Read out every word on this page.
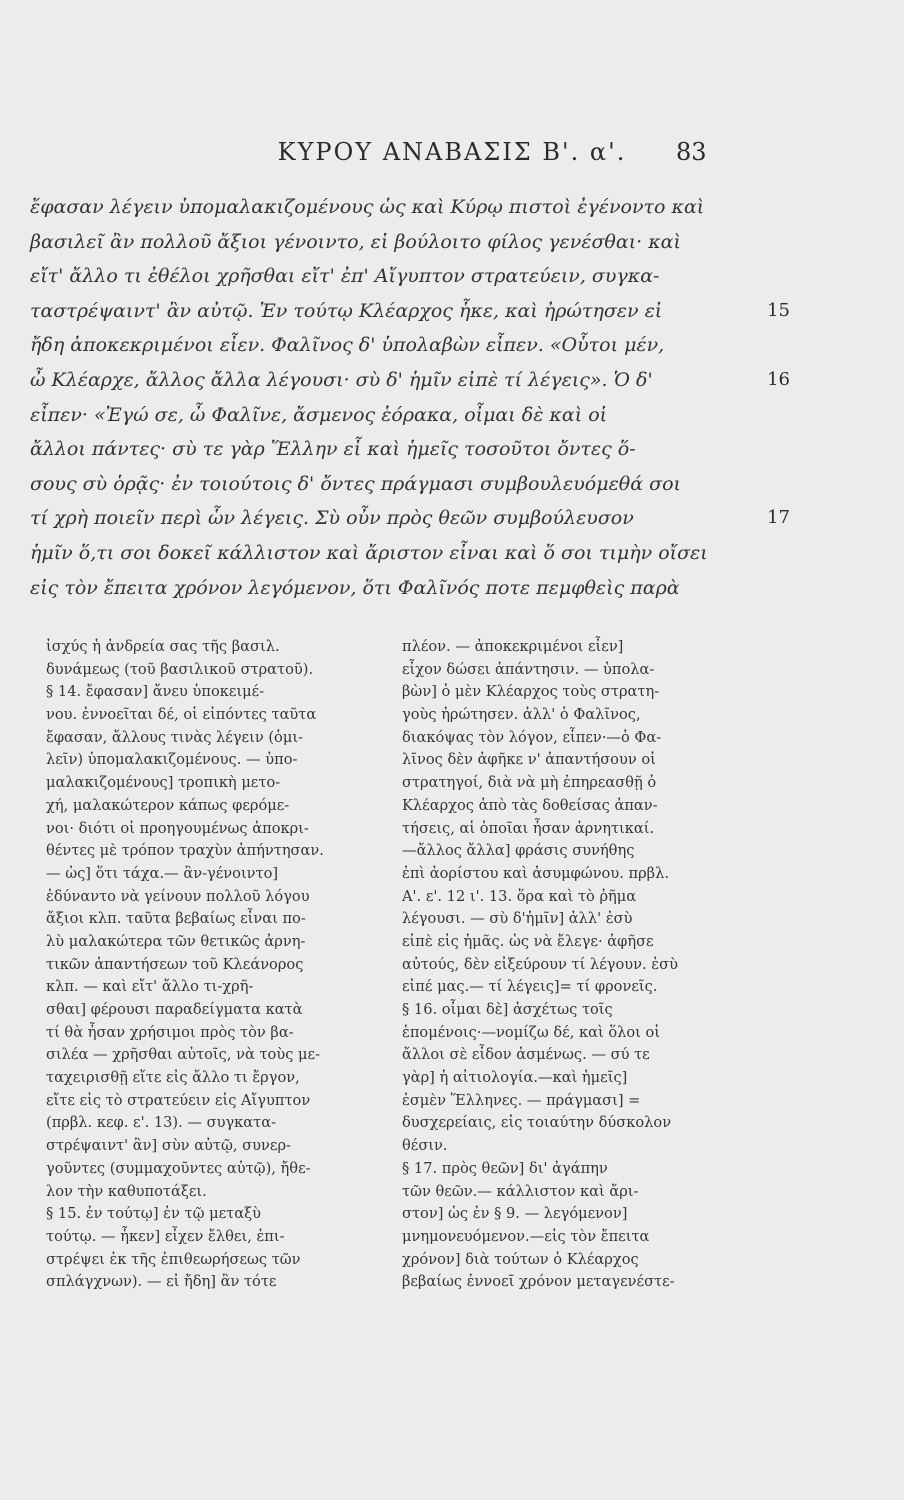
ΚΥΡΟΥ ΑΝΑΒΑΣΙΣ Β'. α'.	83
ἔφασαν λέγειν ὑπομαλακιζομένους ὡς καὶ Κύρῳ πιστοὶ ἐγένοντο καὶ
βασιλεῖ ἂν πολλοῦ ἄξιοι γένοιντο, εἰ βούλοιτο φίλος γενέσθαι· καὶ
εἴτ' ἄλλο τι ἐθέλοι χρῆσθαι εἴτ' ἐπ' Αἴγυπτον στρατεύειν, συγκα-
ταστρέψαιντ' ἂν αὐτῷ. Ἐν τούτῳ Κλέαρχος ἧκε, καὶ ἠρώτησεν εἰ
ἤδη ἀποκεκριμένοι εἶεν. Φαλῖνος δ' ὑπολαβὼν εἶπεν. «Οὗτοι μέν,
ὦ Κλέαρχε, ἄλλος ἄλλα λέγουσι· σὺ δ' ἡμῖν εἰπὲ τί λέγεις». Ὁ δ'
εἶπεν· «Ἐγώ σε, ὦ Φαλῖνε, ἄσμενος ἑόρακα, οἶμαι δὲ καὶ οἱ
ἄλλοι πάντες· σὺ τε γὰρ Ἕλλην εἶ καὶ ἡμεῖς τοσοῦτοι ὄντες ὅ-
σους σὺ ὁρᾷς· ἐν τοιούτοις δ' ὄντες πράγμασι συμβουλευόμεθά σοι
τί χρὴ ποιεῖν περὶ ὧν λέγεις. Σὺ οὖν πρὸς θεῶν συμβούλευσον
ἡμῖν ὅ,τι σοι δοκεῖ κάλλιστον καὶ ἄριστον εἶναι καὶ ὅ σοι τιμὴν οἴσει
εἰς τὸν ἔπειτα χρόνον λεγόμενον, ὅτι Φαλῖνός ποτε πεμφθεὶς παρὰ
15
16
17
ἰσχύς ἡ ἀνδρεία σας τῆς βασιλ.
δυνάμεως (τοῦ βασιλικοῦ στρατοῦ).
§ 14. ἔφασαν] ἄνευ ὑποκειμέ-
νου. ἐννοεῖται δέ, οἱ εἰπόντες ταῦτα
ἔφασαν, ἄλλους τινὰς λέγειν (ὁμι-
λεῖν) ὑπομαλακιζομένους. — ὑπο-
μαλακιζομένους] τροπικὴ μετο-
χή, μαλακώτερον κάπως φερόμε-
νοι· διότι οἱ προηγουμένως ἀποκρι-
θέντες μὲ τρόπον τραχὺν ἀπήντησαν.
— ὡς] ὅτι τάχα.— ἂν-γένοιντο]
ἐδύναντο νὰ γείνουν πολλοῦ λόγου
ἄξιοι κλπ. ταῦτα βεβαίως εἶναι πο-
λὺ μαλακώτερα τῶν θετικῶς ἀρνη-
τικῶν ἀπαντήσεων τοῦ Κλεάνορος
κλπ. — καὶ εἴτ' ἄλλο τι-χρῆ-
σθαι] φέρουσι παραδείγματα κατὰ
τί θὰ ἦσαν χρήσιμοι πρὸς τὸν βα-
σιλέα — χρῆσθαι αὐτοῖς, νὰ τοὺς με-
ταχειρισθῇ εἴτε εἰς ἄλλο τι ἔργον,
εἴτε εἰς τὸ στρατεύειν εἰς Αἴγυπτον
(πρβλ. κεφ. ε'. 13). — συγκατα-
στρέψαιντ' ἂν] σὺν αὐτῷ, συνερ-
γοῦντες (συμμαχοῦντες αὐτῷ), ἤθε-
λον τὴν καθυποτάξει.
§ 15. ἐν τούτῳ] ἐν τῷ μεταξὺ
τούτῳ. — ἧκεν] εἶχεν ἔλθει, ἐπι-
στρέψει ἐκ τῆς ἐπιθεωρήσεως τῶν
σπλάγχνων). — εἰ ἤδη] ἂν τότε
πλέον. — ἀποκεκριμένοι εἶεν]
εἶχον δώσει ἀπάντησιν. — ὑπολα-
βὼν] ὁ μὲν Κλέαρχος τοὺς στρατη-
γοὺς ἠρώτησεν. ἀλλ' ὁ Φαλῖνος,
διακόψας τὸν λόγον, εἶπεν·—ὁ Φα-
λῖνος δὲν ἀφῆκε ν' ἀπαντήσουν οἱ
στρατηγοί, διὰ νὰ μὴ ἐπηρεασθῇ ὁ
Κλέαρχος ἀπὸ τὰς δοθείσας ἀπαν-
τήσεις, αἱ ὁποῖαι ἦσαν ἀρνητικαί.
—ἄλλος ἄλλα] φράσις συνήθης
ἐπὶ ἀορίστου καὶ ἀσυμφώνου. πρβλ.
Α'. ε'. 12 ι'. 13. ὅρα καὶ τὸ ῥῆμα
λέγουσι. — σὺ δ'ἡμῖν] ἀλλ' ἐσὺ
εἰπὲ εἰς ἡμᾶς. ὡς νὰ ἔλεγε· ἀφῆσε
αὐτούς, δὲν εἰξεύρουν τί λέγουν. ἐσὺ
εἰπέ μας.— τί λέγεις]= τί φρονεῖς.
§ 16. οἶμαι δὲ] ἀσχέτως τοῖς
ἑπομένοις·—νομίζω δέ, καὶ ὅλοι οἱ
ἄλλοι σὲ εἶδον ἀσμένως. — σύ τε
γὰρ] ἡ αἰτιολογία.—καὶ ἡμεῖς]
ἐσμὲν Ἕλληνες. — πράγμασι] =
δυσχερείαις, εἰς τοιαύτην δύσκολον
θέσιν.
§ 17. πρὸς θεῶν] δι' ἀγάπην
τῶν θεῶν.— κάλλιστον καὶ ἄρι-
στον] ὡς ἐν § 9. — λεγόμενον]
μνημονευόμενον.—εἰς τὸν ἔπειτα
χρόνον] διὰ τούτων ὁ Κλέαρχος
βεβαίως ἐννοεῖ χρόνον μεταγενέστε-
